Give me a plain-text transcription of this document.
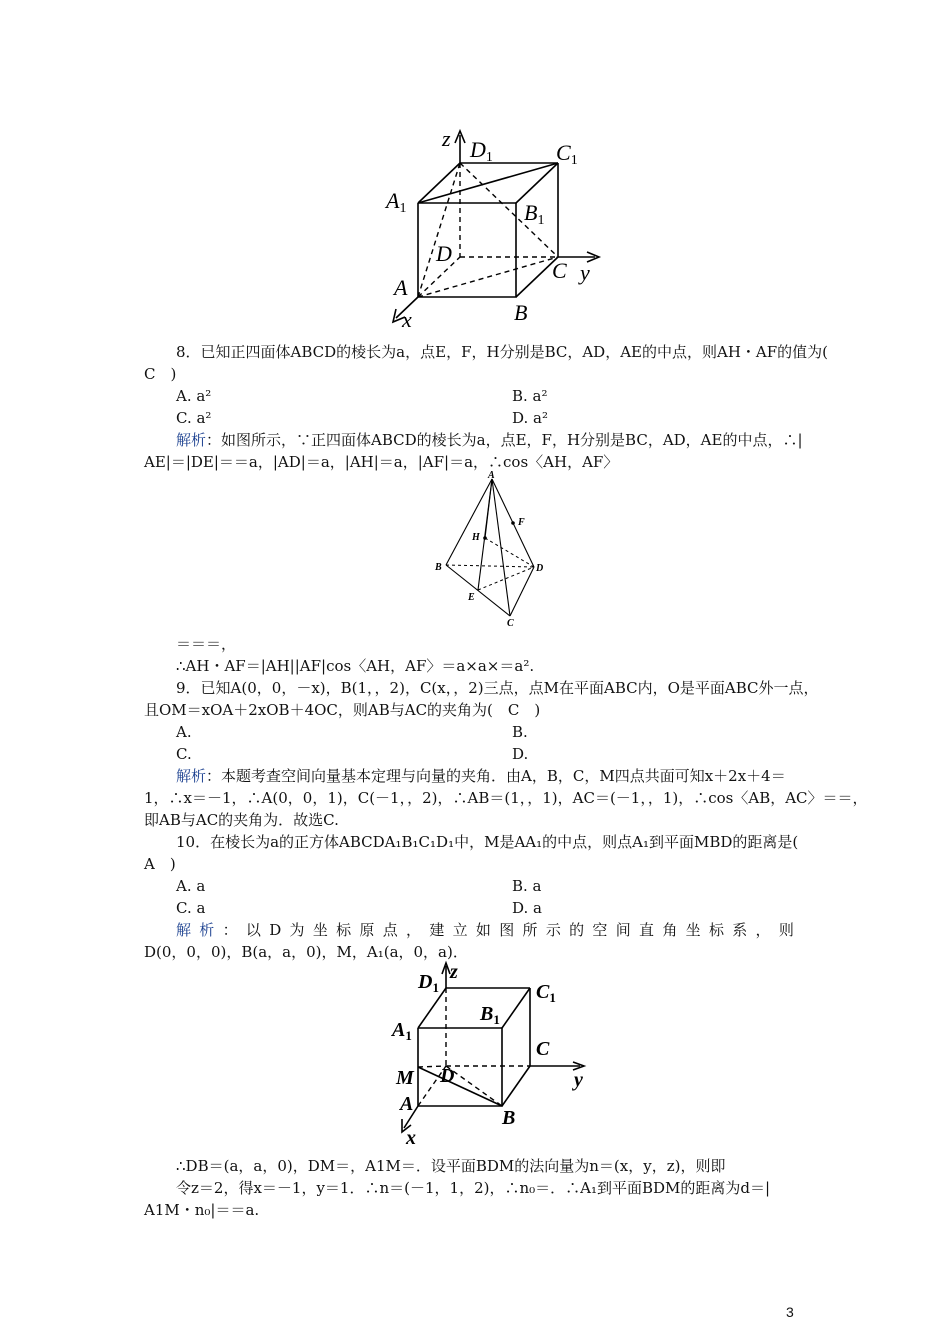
z D1	C1
A1	B1
D
C y
A
x	B
8．已知正四面体ABCD的棱长为a，点E，F，H分别是BC，AD，AE的中点，则AH・AF的值为(
C　)
A. a²	B. a²
C. a²	D. a²
解析：如图所示，∵正四面体ABCD的棱长为a，点E，F，H分别是BC，AD，AE的中点，∴|
AE|＝|DE|＝＝a，|AD|＝a，|AH|＝a，|AF|＝a，∴cos〈AH，AF〉
A
F
H
B	D
E
C
＝＝＝，
∴AH・AF＝|AH||AF|cos〈AH，AF〉＝a×a×＝a².
9．已知A(0，0，－x)，B(1，，2)，C(x，，2)三点，点M在平面ABC内，O是平面ABC外一点，
且OM＝xOA＋2xOB＋4OC，则AB与AC的夹角为(　C　)
A.	B.
C.	D.
解析：本题考查空间向量基本定理与向量的夹角．由A，B，C，M四点共面可知x＋2x＋4＝
1，∴x＝－1，∴A(0，0，1)，C(－1，，2)，∴AB＝(1，，1)，AC＝(－1，，1)，∴cos〈AB，AC〉＝＝，
即AB与AC的夹角为．故选C.
10．在棱长为a的正方体ABCDA₁B₁C₁D₁中，M是AA₁的中点，则点A₁到平面MBD的距离是(
A　)
A. a	B. a
C. a	D. a
解析：以D为坐标原点，建立如图所示的空间直角坐标系，则
D(0，0，0)，B(a，a，0)，M，A₁(a，0，a)．
$D_1$
z
$C_1$
$A_1$
$B_1$
C
y
M D
A
B
x
∴DB＝(a，a，0)，DM＝，A1M＝．设平面BDM的法向量为n＝(x，y，z)，则即
令z＝2，得x＝－1，y＝1．∴n＝(－1，1，2)，∴n₀＝．∴A₁到平面BDM的距离为d＝|
A1M・n₀|＝＝a.
3
